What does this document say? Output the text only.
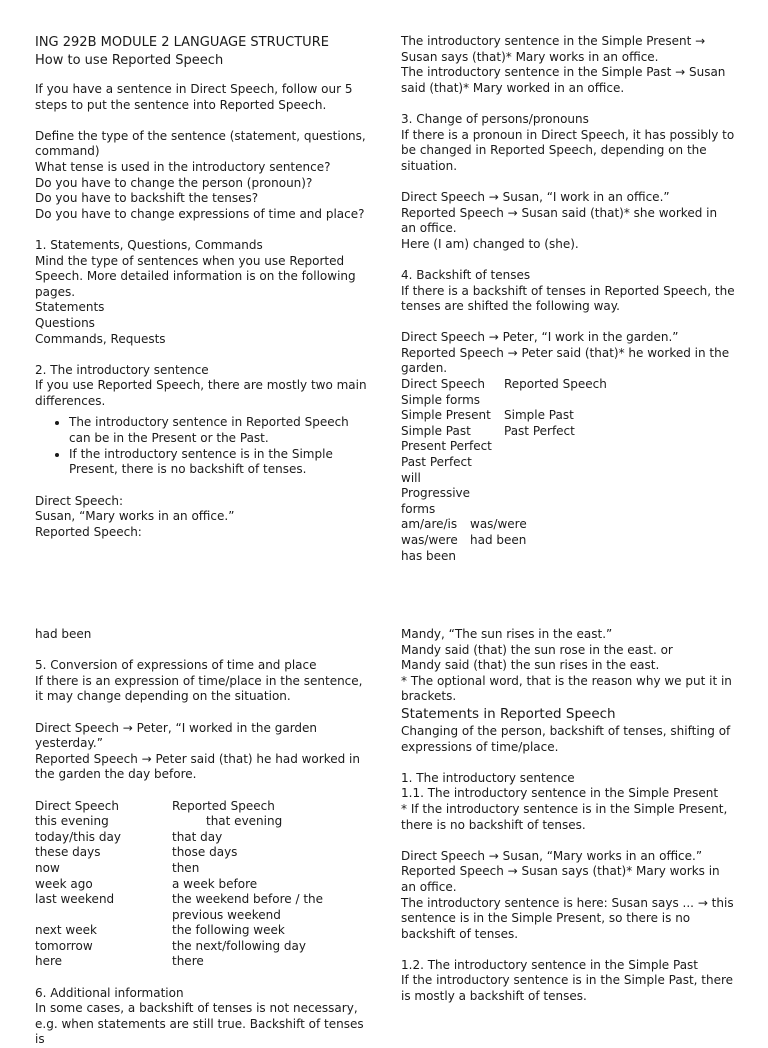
ING 292B MODULE 2 LANGUAGE STRUCTURE

How to use Reported Speech

If you have a sentence in Direct Speech, follow our 5 steps to put the sentence into Reported Speech.

Define the type of the sentence (statement, questions, command)

What tense is used in the introductory sentence?

Do you have to change the person (pronoun)?

Do you have to backshift the tenses?

Do you have to change expressions of time and place?

1. Statements, Questions, Commands

Mind the type of sentences when you use Reported Speech. More detailed information is on the following pages.

Statements

Questions

Commands, Requests

2. The introductory sentence

If you use Reported Speech, there are mostly two main differences.

• The introductory sentence in Reported Speech can be in the Present or the Past.
• If the introductory sentence is in the Simple Present, there is no backshift of tenses.

Direct Speech:

Susan, “Mary works in an office.”

Reported Speech:

The introductory sentence in the Simple Present → Susan says (that)* Mary works in an office.

The introductory sentence in the Simple Past → Susan said (that)* Mary worked in an office.

3. Change of persons/pronouns

If there is a pronoun in Direct Speech, it has possibly to be changed in Reported Speech, depending on the situation.

Direct Speech → Susan, “I work in an office.”

Reported Speech → Susan said (that)* she worked in an office.

Here (I am) changed to (she).

4. Backshift of tenses

If there is a backshift of tenses in Reported Speech, the tenses are shifted the following way.

Direct Speech → Peter, “I work in the garden.”

Reported Speech → Peter said (that)* he worked in the garden.

Direct Speech	Reported Speech
Simple forms
Simple Present	Simple Past
Simple Past	Past Perfect
Present Perfect
Past Perfect
will
Progressive forms
am/are/is	was/were
was/were	had been
has been

had been

5. Conversion of expressions of time and place

If there is an expression of time/place in the sentence, it may change depending on the situation.

Direct Speech → Peter, “I worked in the garden yesterday.”

Reported Speech → Peter said (that) he had worked in the garden the day before.

Direct Speech	Reported Speech
this evening	that evening
today/this day	that day
these days	those days
now	then
week ago	a week before
last weekend	the weekend before / the previous weekend
next week	the following week
tomorrow	the next/following day
here	there

6. Additional information

In some cases, a backshift of tenses is not necessary, e.g. when statements are still true. Backshift of tenses is

Mandy, “The sun rises in the east.”

Mandy said (that) the sun rose in the east. or

Mandy said (that) the sun rises in the east.

* The optional word, that is the reason why we put it in brackets.

Statements in Reported Speech

Changing of the person, backshift of tenses, shifting of expressions of time/place.

1. The introductory sentence

1.1. The introductory sentence in the Simple Present

* If the introductory sentence is in the Simple Present, there is no backshift of tenses.

Direct Speech → Susan, “Mary works in an office.”

Reported Speech → Susan says (that)* Mary works in an office.

The introductory sentence is here: Susan says ... → this sentence is in the Simple Present, so there is no backshift of tenses.

1.2. The introductory sentence in the Simple Past

If the introductory sentence is in the Simple Past, there is mostly a backshift of tenses.
